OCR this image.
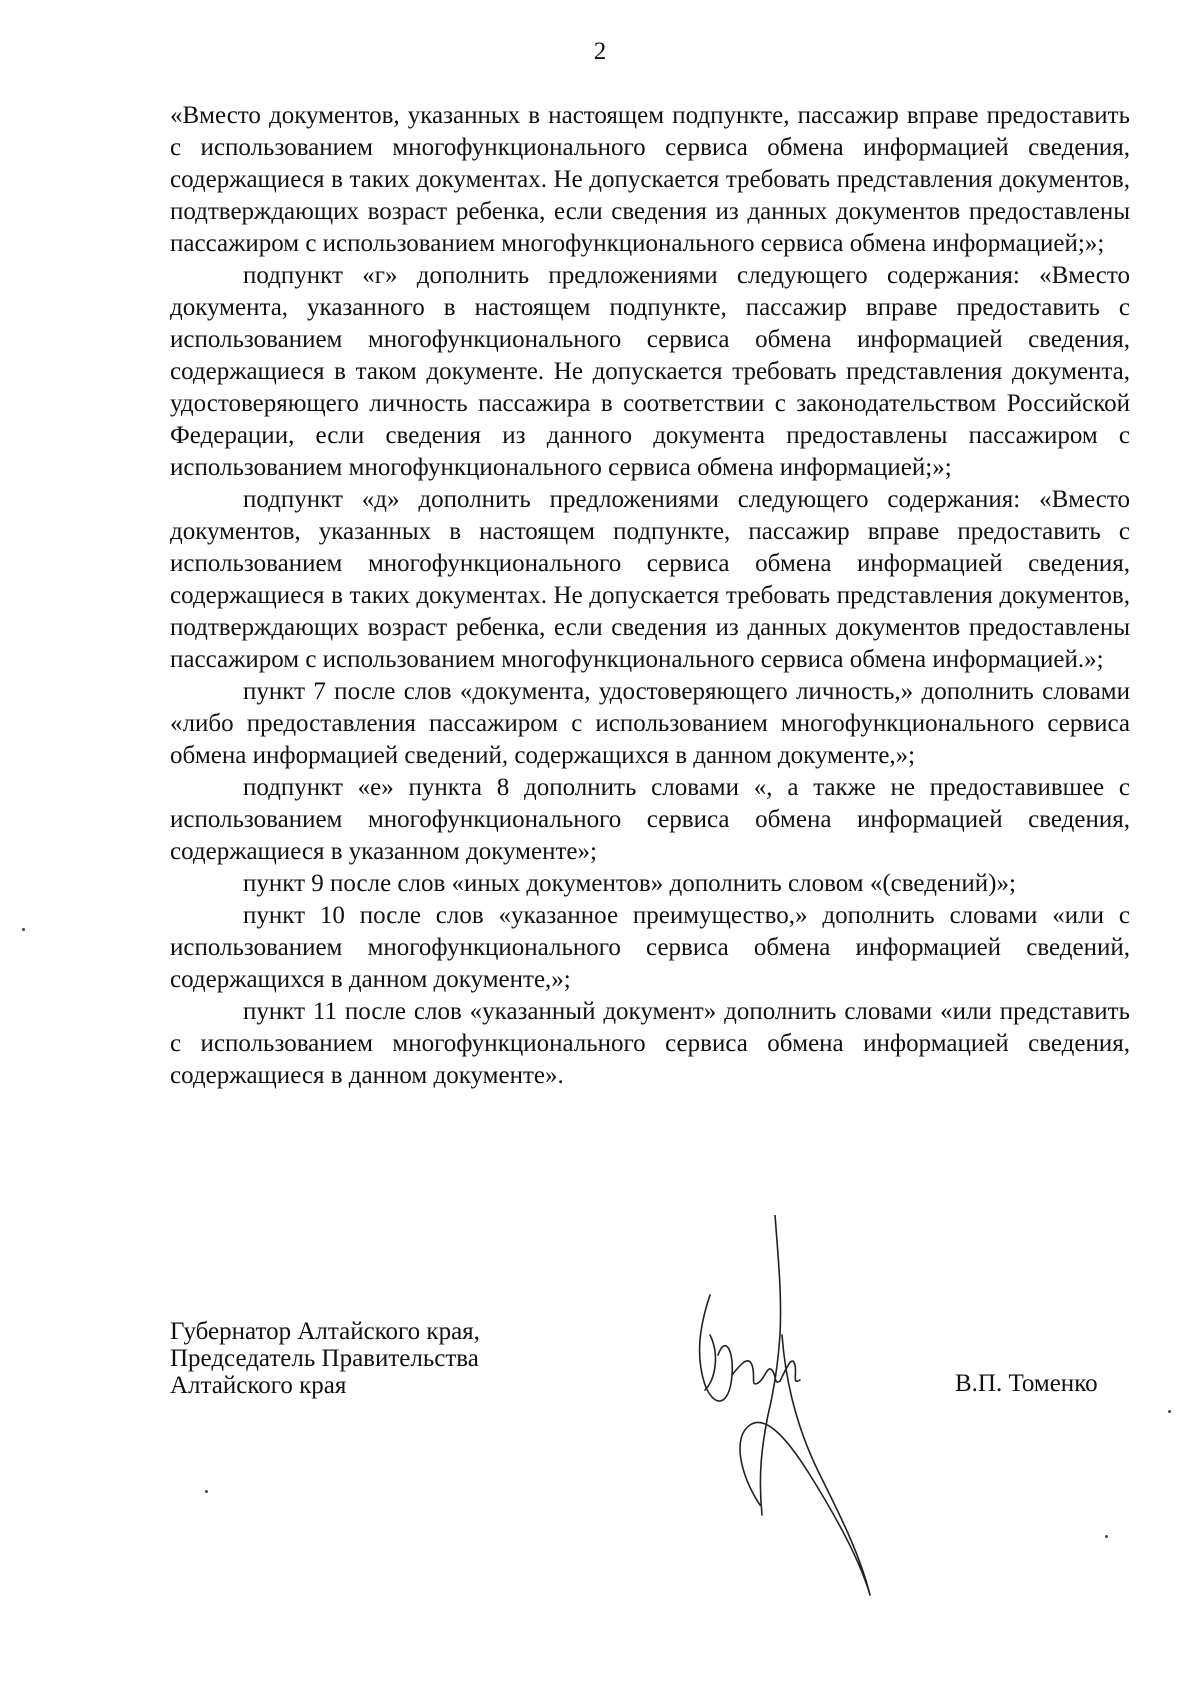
2

«Вместо документов, указанных в настоящем подпункте, пассажир вправе предоставить с использованием многофункционального сервиса обмена информацией сведения, содержащиеся в таких документах. Не допускается требовать представления документов, подтверждающих возраст ребенка, если сведения из данных документов предоставлены пассажиром с использованием многофункционального сервиса обмена информацией;»;

подпункт «г» дополнить предложениями следующего содержания: «Вместо документа, указанного в настоящем подпункте, пассажир вправе предоставить с использованием многофункционального сервиса обмена информацией сведения, содержащиеся в таком документе. Не допускается требовать представления документа, удостоверяющего личность пассажира в соответствии с законодательством Российской Федерации, если сведения из данного документа предоставлены пассажиром с использованием многофункционального сервиса обмена информацией;»;

подпункт «д» дополнить предложениями следующего содержания: «Вместо документов, указанных в настоящем подпункте, пассажир вправе предоставить с использованием многофункционального сервиса обмена информацией сведения, содержащиеся в таких документах. Не допускается требовать представления документов, подтверждающих возраст ребенка, если сведения из данных документов предоставлены пассажиром с использованием многофункционального сервиса обмена информацией.»;

пункт 7 после слов «документа, удостоверяющего личность,» дополнить словами «либо предоставления пассажиром с использованием многофункционального сервиса обмена информацией сведений, содержащихся в данном документе,»;

подпункт «е» пункта 8 дополнить словами «, а также не предоставившее с использованием многофункционального сервиса обмена информацией сведения, содержащиеся в указанном документе»;

пункт 9 после слов «иных документов» дополнить словом «(сведений)»;

пункт 10 после слов «указанное преимущество,» дополнить словами «или с использованием многофункционального сервиса обмена информацией сведений, содержащихся в данном документе,»;

пункт 11 после слов «указанный документ» дополнить словами «или представить с использованием многофункционального сервиса обмена информацией сведения, содержащиеся в данном документе».

Губернатор Алтайского края,
Председатель Правительства
Алтайского края	В.П. Томенко
